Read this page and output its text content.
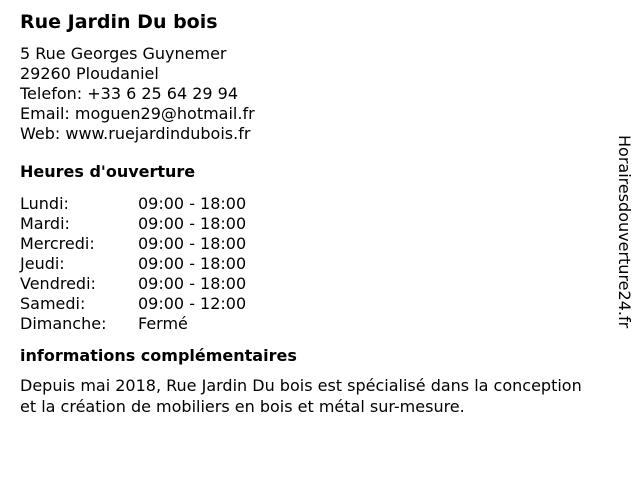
Rue Jardin Du bois
5 Rue Georges Guynemer
29260 Ploudaniel
Telefon: +33 6 25 64 29 94
Email: moguen29@hotmail.fr
Web: www.ruejardindubois.fr
Heures d'ouverture
Lundi:	09:00 - 18:00
Mardi:	09:00 - 18:00
Mercredi:	09:00 - 18:00
Jeudi:	09:00 - 18:00
Vendredi:	09:00 - 18:00
Samedi:	09:00 - 12:00
Dimanche:	Fermé
informations complémentaires
Depuis mai 2018, Rue Jardin Du bois est spécialisé dans la conception et la création de mobiliers en bois et métal sur-mesure.
Horairesdouverture24.fr
